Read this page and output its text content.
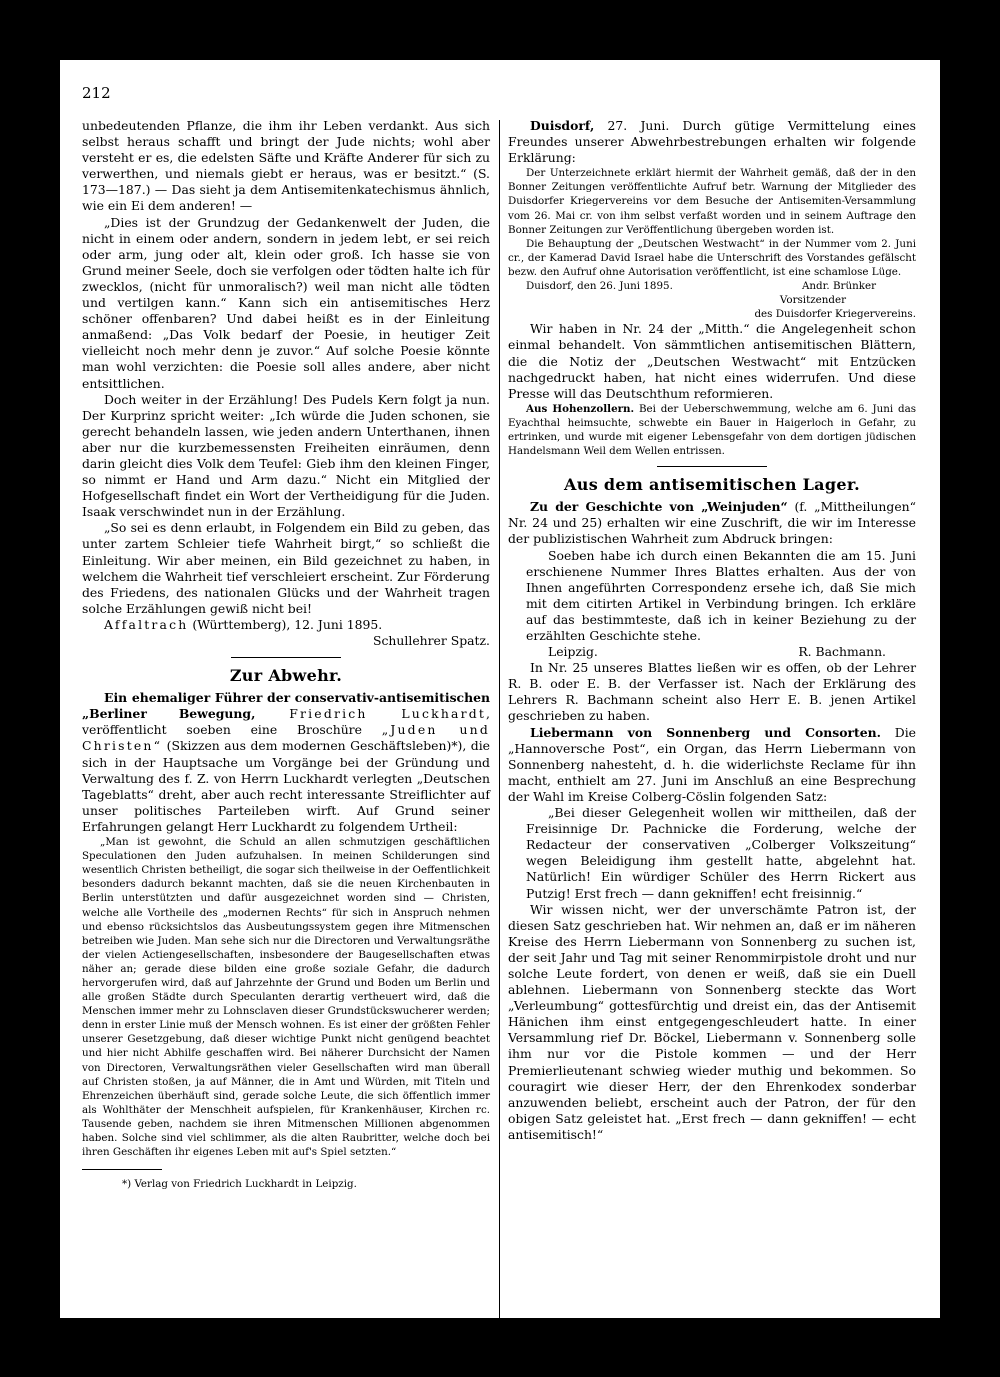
212

unbedeutenden Pflanze, die ihm ihr Leben verdankt. Aus sich selbst heraus schafft und bringt der Jude nichts; wohl aber versteht er es, die edelsten Säfte und Kräfte Anderer für sich zu verwerthen, und niemals giebt er heraus, was er besitzt.“ (S. 173—187.) — Das sieht ja dem Antisemitenkatechismus ähnlich, wie ein Ei dem anderen! —

„Dies ist der Grundzug der Gedankenwelt der Juden, die nicht in einem oder andern, sondern in jedem lebt, er sei reich oder arm, jung oder alt, klein oder groß. Ich hasse sie von Grund meiner Seele, doch sie verfolgen oder tödten halte ich für zwecklos, (nicht für unmoralisch?) weil man nicht alle tödten und vertilgen kann.“ Kann sich ein antisemitisches Herz schöner offenbaren? Und dabei heißt es in der Einleitung anmaßend: „Das Volk bedarf der Poesie, in heutiger Zeit vielleicht noch mehr denn je zuvor.“ Auf solche Poesie könnte man wohl verzichten: die Poesie soll alles andere, aber nicht entsittlichen.

Doch weiter in der Erzählung! Des Pudels Kern folgt ja nun. Der Kurprinz spricht weiter: „Ich würde die Juden schonen, sie gerecht behandeln lassen, wie jeden andern Unterthanen, ihnen aber nur die kurzbemessensten Freiheiten einräumen, denn darin gleicht dies Volk dem Teufel: Gieb ihm den kleinen Finger, so nimmt er Hand und Arm dazu.“ Nicht ein Mitglied der Hofgesellschaft findet ein Wort der Vertheidigung für die Juden. Isaak verschwindet nun in der Erzählung.

„So sei es denn erlaubt, in Folgendem ein Bild zu geben, das unter zartem Schleier tiefe Wahrheit birgt,“ so schließt die Einleitung. Wir aber meinen, ein Bild gezeichnet zu haben, in welchem die Wahrheit tief verschleiert erscheint. Zur Förderung des Friedens, des nationalen Glücks und der Wahrheit tragen solche Erzählungen gewiß nicht bei!

Affaltrach (Württemberg), 12. Juni 1895.

Schullehrer Spatz.

Zur Abwehr.

Ein ehemaliger Führer der conservativ-antisemitischen „Berliner Bewegung, Friedrich Luckhardt, veröffentlicht soeben eine Broschüre „Juden und Christen“ (Skizzen aus dem modernen Geschäftsleben)*), die sich in der Hauptsache um Vorgänge bei der Gründung und Verwaltung des f. Z. von Herrn Luckhardt verlegten „Deutschen Tageblatts“ dreht, aber auch recht interessante Streiflichter auf unser politisches Parteileben wirft. Auf Grund seiner Erfahrungen gelangt Herr Luckhardt zu folgendem Urtheil:

„Man ist gewohnt, die Schuld an allen schmutzigen geschäftlichen Speculationen den Juden aufzuhalsen. In meinen Schilderungen sind wesentlich Christen betheiligt, die sogar sich theilweise in der Oeffentlichkeit besonders dadurch bekannt machten, daß sie die neuen Kirchenbauten in Berlin unterstützten und dafür ausgezeichnet worden sind — Christen, welche alle Vortheile des „modernen Rechts“ für sich in Anspruch nehmen und ebenso rücksichtslos das Ausbeutungssystem gegen ihre Mitmenschen betreiben wie Juden. Man sehe sich nur die Directoren und Verwaltungsräthe der vielen Actiengesellschaften, insbesondere der Baugesellschaften etwas näher an; gerade diese bilden eine große soziale Gefahr, die dadurch hervorgerufen wird, daß auf Jahrzehnte der Grund und Boden um Berlin und alle großen Städte durch Speculanten derartig vertheuert wird, daß die Menschen immer mehr zu Lohnsclaven dieser Grundstückswucherer werden; denn in erster Linie muß der Mensch wohnen. Es ist einer der größten Fehler unserer Gesetzgebung, daß dieser wichtige Punkt nicht genügend beachtet und hier nicht Abhilfe geschaffen wird. Bei näherer Durchsicht der Namen von Directoren, Verwaltungsräthen vieler Gesellschaften wird man überall auf Christen stoßen, ja auf Männer, die in Amt und Würden, mit Titeln und Ehrenzeichen überhäuft sind, gerade solche Leute, die sich öffentlich immer als Wohlthäter der Menschheit aufspielen, für Krankenhäuser, Kirchen rc. Tausende geben, nachdem sie ihren Mitmenschen Millionen abgenommen haben. Solche sind viel schlimmer, als die alten Raubritter, welche doch bei ihren Geschäften ihr eigenes Leben mit auf's Spiel setzten.“

*) Verlag von Friedrich Luckhardt in Leipzig.

Duisdorf, 27. Juni. Durch gütige Vermittelung eines Freundes unserer Abwehrbestrebungen erhalten wir folgende Erklärung:

Der Unterzeichnete erklärt hiermit der Wahrheit gemäß, daß der in den Bonner Zeitungen veröffentlichte Aufruf betr. Warnung der Mitglieder des Duisdorfer Kriegervereins vor dem Besuche der Antisemiten-Versammlung vom 26. Mai cr. von ihm selbst verfaßt worden und in seinem Auftrage den Bonner Zeitungen zur Veröffentlichung übergeben worden ist.

Die Behauptung der „Deutschen Westwacht“ in der Nummer vom 2. Juni cr., der Kamerad David Israel habe die Unterschrift des Vorstandes gefälscht bezw. den Aufruf ohne Autorisation veröffentlicht, ist eine schamlose Lüge.

Duisdorf, den 26. Juni 1895.	Andr. Brünker
Vorsitzender
des Duisdorfer Kriegervereins.

Wir haben in Nr. 24 der „Mitth.“ die Angelegenheit schon einmal behandelt. Von sämmtlichen antisemitischen Blättern, die die Notiz der „Deutschen Westwacht“ mit Entzücken nachgedruckt haben, hat nicht eines widerrufen. Und diese Presse will das Deutschthum reformieren.

Aus Hohenzollern. Bei der Ueberschwemmung, welche am 6. Juni das Eyachthal heimsuchte, schwebte ein Bauer in Haigerloch in Gefahr, zu ertrinken, und wurde mit eigener Lebensgefahr von dem dortigen jüdischen Handelsmann Weil dem Wellen entrissen.

Aus dem antisemitischen Lager.

Zu der Geschichte von „Weinjuden“ (f. „Mittheilungen“ Nr. 24 und 25) erhalten wir eine Zuschrift, die wir im Interesse der publizistischen Wahrheit zum Abdruck bringen:

Soeben habe ich durch einen Bekannten die am 15. Juni erschienene Nummer Ihres Blattes erhalten. Aus der von Ihnen angeführten Correspondenz ersehe ich, daß Sie mich mit dem citirten Artikel in Verbindung bringen. Ich erkläre auf das bestimmteste, daß ich in keiner Beziehung zu der erzählten Geschichte stehe.

Leipzig.	R. Bachmann.

In Nr. 25 unseres Blattes ließen wir es offen, ob der Lehrer R. B. oder E. B. der Verfasser ist. Nach der Erklärung des Lehrers R. Bachmann scheint also Herr E. B. jenen Artikel geschrieben zu haben.

Liebermann von Sonnenberg und Consorten. Die „Hannoversche Post“, ein Organ, das Herrn Liebermann von Sonnenberg nahesteht, d. h. die widerlichste Reclame für ihn macht, enthielt am 27. Juni im Anschluß an eine Besprechung der Wahl im Kreise Colberg-Cöslin folgenden Satz:

„Bei dieser Gelegenheit wollen wir mittheilen, daß der Freisinnige Dr. Pachnicke die Forderung, welche der Redacteur der conservativen „Colberger Volkszeitung“ wegen Beleidigung ihm gestellt hatte, abgelehnt hat. Natürlich! Ein würdiger Schüler des Herrn Rickert aus Putzig! Erst frech — dann gekniffen! echt freisinnig.“

Wir wissen nicht, wer der unverschämte Patron ist, der diesen Satz geschrieben hat. Wir nehmen an, daß er im näheren Kreise des Herrn Liebermann von Sonnenberg zu suchen ist, der seit Jahr und Tag mit seiner Renommirpistole droht und nur solche Leute fordert, von denen er weiß, daß sie ein Duell ablehnen. Liebermann von Sonnenberg steckte das Wort „Verleumbung“ gottesfürchtig und dreist ein, das der Antisemit Hänichen ihm einst entgegengeschleudert hatte. In einer Versammlung rief Dr. Böckel, Liebermann v. Sonnenberg solle ihm nur vor die Pistole kommen — und der Herr Premierlieutenant schwieg wieder muthig und bekommen. So couragirt wie dieser Herr, der den Ehrenkodex sonderbar anzuwenden beliebt, erscheint auch der Patron, der für den obigen Satz geleistet hat. „Erst frech — dann gekniffen! — echt antisemitisch!“
